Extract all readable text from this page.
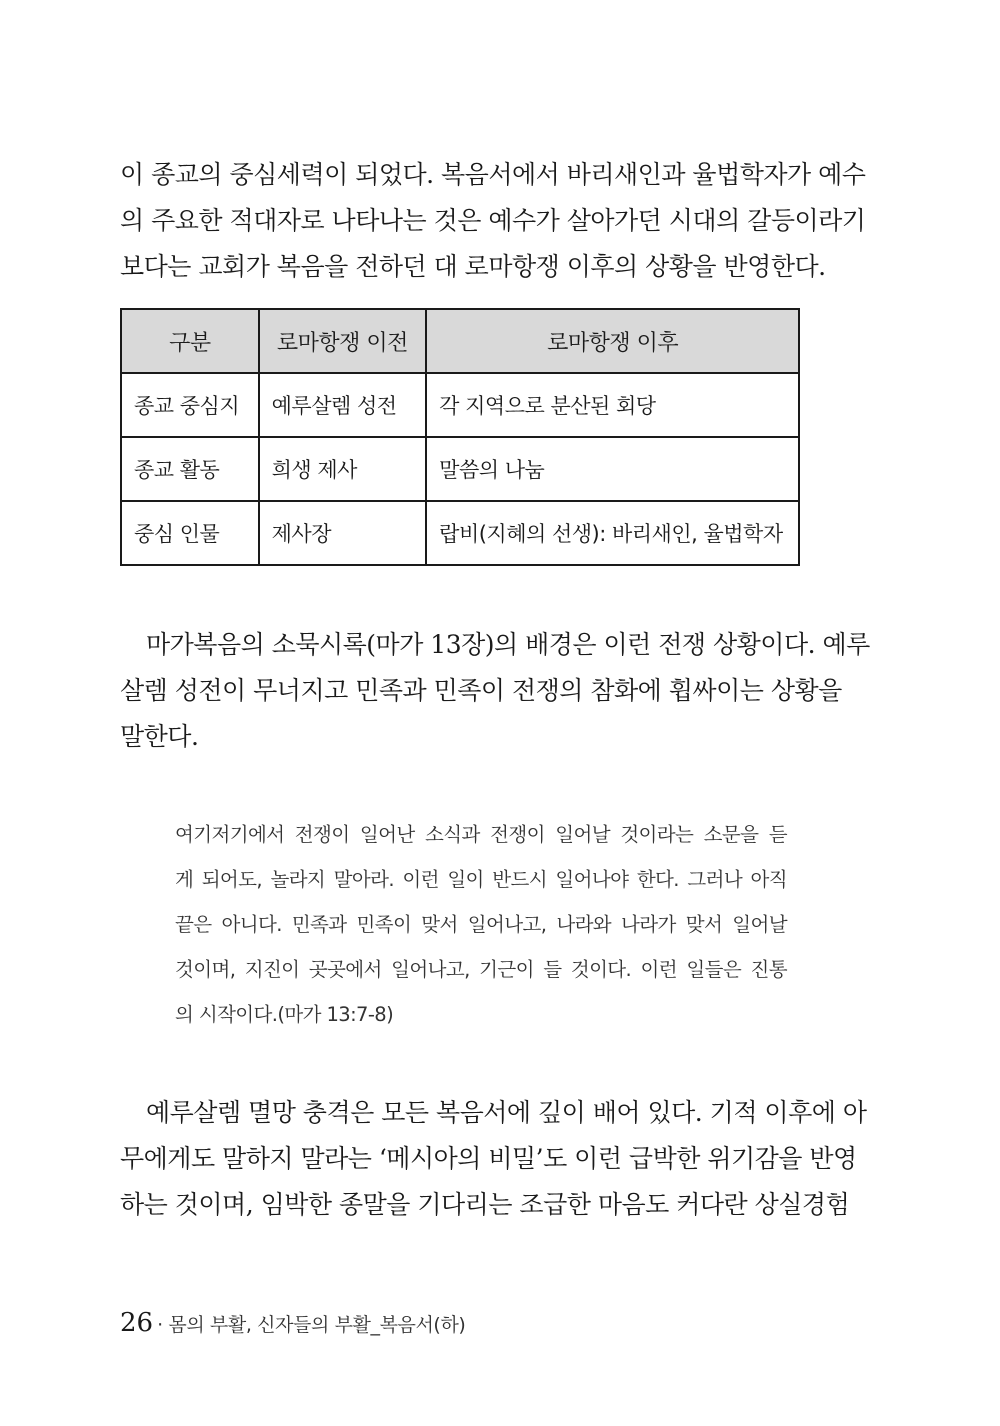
이 종교의 중심세력이 되었다. 복음서에서 바리새인과 율법학자가 예수
의 주요한 적대자로 나타나는 것은 예수가 살아가던 시대의 갈등이라기
보다는 교회가 복음을 전하던 대 로마항쟁 이후의 상황을 반영한다.
구분	로마항쟁 이전	로마항쟁 이후
종교 중심지	예루살렘 성전	각 지역으로 분산된 회당
종교 활동	희생 제사	말씀의 나눔
중심 인물	제사장	랍비(지혜의 선생): 바리새인, 율법학자
마가복음의 소묵시록(마가 13장)의 배경은 이런 전쟁 상황이다. 예루
살렘 성전이 무너지고 민족과 민족이 전쟁의 참화에 휩싸이는 상황을
말한다.
여기저기에서 전쟁이 일어난 소식과 전쟁이 일어날 것이라는 소문을 듣
게 되어도, 놀라지 말아라. 이런 일이 반드시 일어나야 한다. 그러나 아직
끝은 아니다. 민족과 민족이 맞서 일어나고, 나라와 나라가 맞서 일어날
것이며, 지진이 곳곳에서 일어나고, 기근이 들 것이다. 이런 일들은 진통
의 시작이다.(마가 13:7-8)
예루살렘 멸망 충격은 모든 복음서에 깊이 배어 있다. 기적 이후에 아
무에게도 말하지 말라는 ‘메시아의 비밀’도 이런 급박한 위기감을 반영
하는 것이며, 임박한 종말을 기다리는 조급한 마음도 커다란 상실경험
26 · 몸의 부활, 신자들의 부활_복음서(하)
